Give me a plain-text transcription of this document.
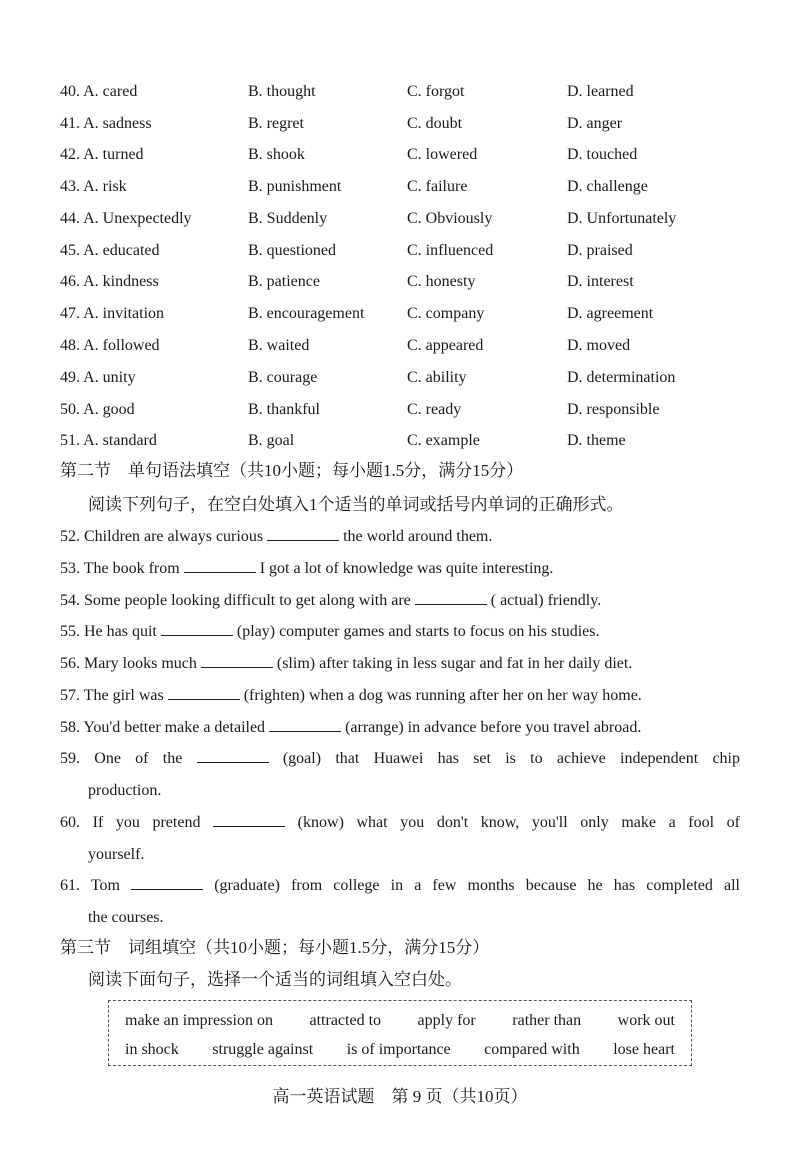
40. A. cared	B. thought	C. forgot	D. learned
41. A. sadness	B. regret	C. doubt	D. anger
42. A. turned	B. shook	C. lowered	D. touched
43. A. risk	B. punishment	C. failure	D. challenge
44. A. Unexpectedly	B. Suddenly	C. Obviously	D. Unfortunately
45. A. educated	B. questioned	C. influenced	D. praised
46. A. kindness	B. patience	C. honesty	D. interest
47. A. invitation	B. encouragement	C. company	D. agreement
48. A. followed	B. waited	C. appeared	D. moved
49. A. unity	B. courage	C. ability	D. determination
50. A. good	B. thankful	C. ready	D. responsible
51. A. standard	B. goal	C. example	D. theme
第二节　单句语法填空（共10小题；每小题1.5分，满分15分）
阅读下列句子，在空白处填入1个适当的单词或括号内单词的正确形式。
52. Children are always curious	the world around them.
53. The book from	I got a lot of knowledge was quite interesting.
54. Some people looking difficult to get along with are	( actual) friendly.
55. He has quit	(play) computer games and starts to focus on his studies.
56. Mary looks much	(slim) after taking in less sugar and fat in her daily diet.
57. The girl was	(frighten) when a dog was running after her on her way home.
58. You'd better make a detailed	(arrange) in advance before you travel abroad.
59. One of the	(goal) that Huawei has set is to achieve independent chip
production.
60. If you pretend	(know) what you don't know, you'll only make a fool of
yourself.
61. Tom	(graduate) from college in a few months because he has completed all
the courses.
第三节　词组填空（共10小题；每小题1.5分，满分15分）
阅读下面句子，选择一个适当的词组填入空白处。
make an impression on attracted to apply for rather than work out
in shock struggle against is of importance compared with lose heart
高一英语试题　第 9 页（共10页）
